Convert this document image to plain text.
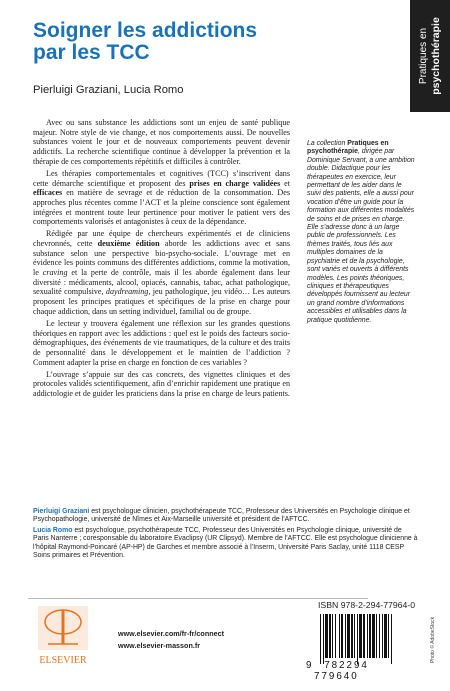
Soigner les addictions
par les TCC
Pierluigi Graziani, Lucia Romo
Pratiques en psychothérapie

Avec ou sans substance les addictions sont un enjeu de santé publique majeur. Notre style de vie change, et nos comportements aussi. De nouvelles substances voient le jour et de nouveaux comportements peuvent devenir addictifs. La recherche scientifique continue à développer la prévention et la thérapie de ces comportements répétitifs et difficiles à contrôler.

Les thérapies comportementales et cognitives (TCC) s’inscrivent dans cette démarche scientifique et proposent des prises en charge validées et efficaces en matière de sevrage et de réduction de la consommation. Des approches plus récentes comme l’ACT et la pleine conscience sont également intégrées et montrent toute leur pertinence pour motiver le patient vers des comportements valorisés et antagonistes à ceux de la dépendance.

Rédigée par une équipe de chercheurs expérimentés et de cliniciens chevronnés, cette deuxième édition aborde les addictions avec et sans substance selon une perspective bio-psycho-sociale. L’ouvrage met en évidence les points communs des différentes addictions, comme la motivation, le craving et la perte de contrôle, mais il les aborde également dans leur diversité : médicaments, alcool, opiacés, cannabis, tabac, achat pathologique, sexualité compulsive, daydreaming, jeu pathologique, jeu vidéo… Les auteurs proposent les principes pratiques et spécifiques de la prise en charge pour chaque addiction, dans un setting individuel, familial ou de groupe.

Le lecteur y trouvera également une réflexion sur les grandes questions théoriques en rapport avec les addictions : quel est le poids des facteurs socio-démographiques, des événements de vie traumatiques, de la culture et des traits de personnalité dans le développement et le maintien de l’addiction ? Comment adapter la prise en charge en fonction de ces variables ?

L’ouvrage s’appuie sur des cas concrets, des vignettes cliniques et des protocoles validés scientifiquement, afin d’enrichir rapidement une pratique en addictologie et de guider les praticiens dans la prise en charge de leurs patients.

La collection Pratiques en psychothérapie, dirigée par Dominique Servant, a une ambition double. Didactique pour les thérapeutes en exercice, leur permettant de les aider dans le suivi des patients, elle a aussi pour vocation d’être un guide pour la formation aux différentes modalités de soins et de prises en charge. Elle s’adresse donc à un large public de professionnels. Les thèmes traités, tous liés aux multiples domaines de la psychiatrie et de la psychologie, sont variés et ouverts à différents modèles. Les points théoriques, cliniques et thérapeutiques développés fournissent au lecteur un grand nombre d’informations accessibles et utilisables dans la pratique quotidienne.

Pierluigi Graziani est psychologue clinicien, psychothérapeute TCC, Professeur des Universités en Psychologie clinique et Psychopathologie, université de Nîmes et Aix-Marseille université et président de l’AFTCC.

Lucia Romo est psychologue, psychothérapeute TCC, Professeur des Universités en Psychologie clinique, université de Paris Nanterre ; coresponsable du laboratoire Evaclipsy (UR Clipsyd). Membre de l’AFTCC. Elle est psychologue clinicienne à l’hôpital Raymond-Poincaré (AP-HP) de Garches et membre associé à l’Inserm, Université Paris Saclay, unité 1118 CESP Soins primaires et Prévention.

ELSEVIER
www.elsevier.com/fr-fr/connect
www.elsevier-masson.fr
ISBN 978-2-294-77964-0
9 782294 779640
Photo © AdobeStock
